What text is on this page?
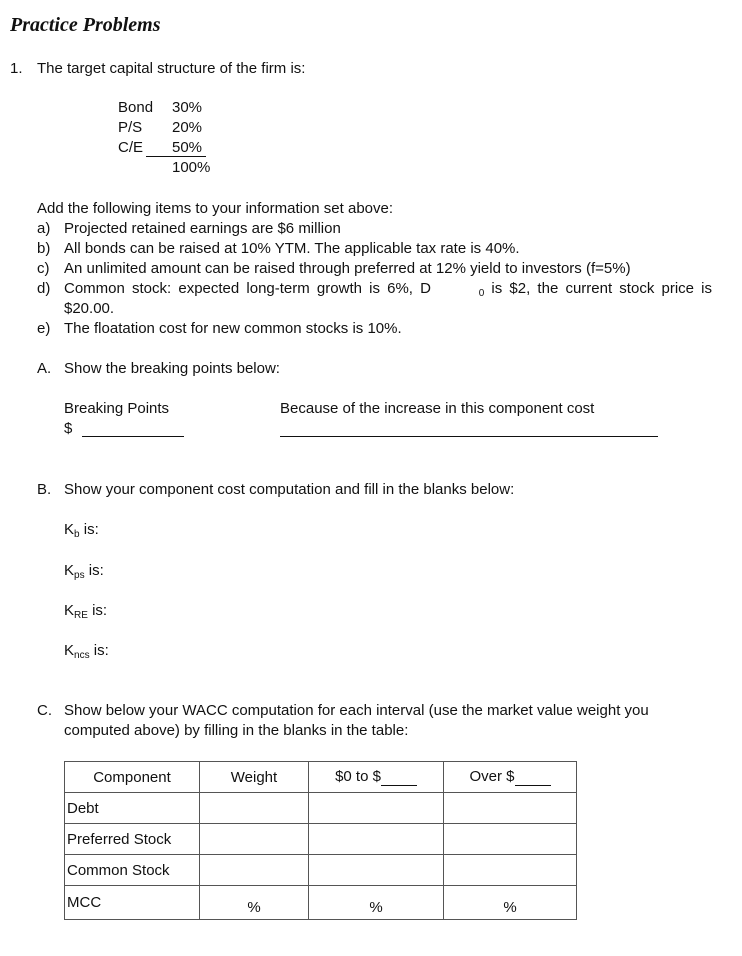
Practice Problems
1. The target capital structure of the firm is:
Bond 30%
P/S 20%
C/E 50%
100%
Add the following items to your information set above:
a) Projected retained earnings are $6 million
b) All bonds can be raised at 10% YTM. The applicable tax rate is 40%.
c) An unlimited amount can be raised through preferred at 12% yield to investors (f=5%)
d) Common stock: expected long-term growth is 6%, D	$_0$ is $2, the current stock price is
$20.00.
e) The floatation cost for new common stocks is 10%.
A. Show the breaking points below:
Breaking Points
$
Because of the increase in this component cost
B. Show your component cost computation and fill in the blanks below:
$K_b$ is:
$K_{ps}$ is:
$K_{RE}$ is:
$K_{ncs}$ is:
C. Show below your WACC computation for each interval (use the market value weight you
computed above) by filling in the blanks in the table:
Component	Weight	$0 to $	Over $
Debt			
Preferred Stock			
Common Stock			
MCC	%	%	%
